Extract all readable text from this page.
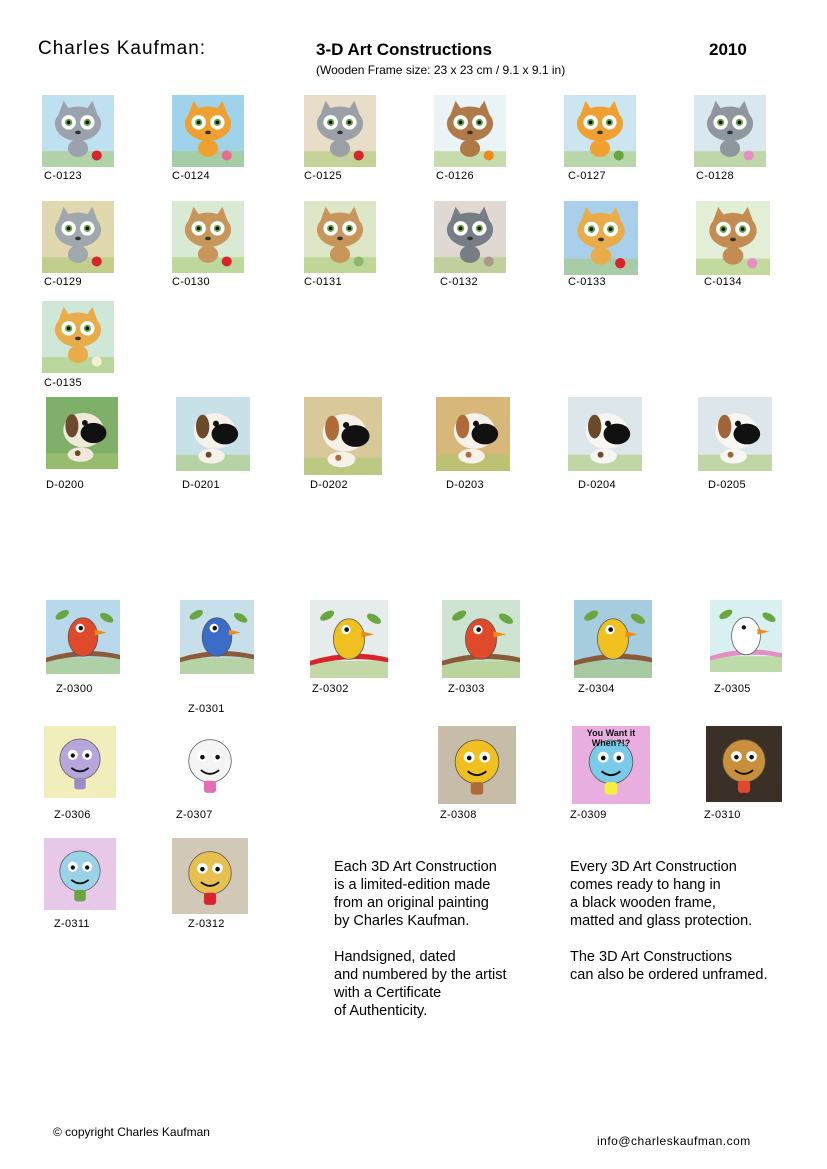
Charles Kaufman:	3-D Art Constructions
(Wooden Frame size: 23 x 23 cm / 9.1 x 9.1 in)
2010
C-0123	C-0124	C-0125	C-0126	C-0127	C-0128
C-0129	C-0130	C-0131	C-0132	C-0133	C-0134
C-0135
D-0200	D-0201	D-0202	D-0203	D-0204	D-0205
Z-0300
Z-0301
Z-0302	Z-0303	Z-0304	Z-0305
Z-0306	Z-0307	Z-0308
You Want it When?!?
Z-0309	Z-0310
Z-0311	Z-0312
Each 3D Art Construction
is a limited-edition made
from an original painting
by Charles Kaufman.
Handsigned, dated
and numbered by the artist
with a Certificate
of Authenticity.
Every 3D Art Construction
comes ready to hang in
a black wooden frame,
matted and glass protection.
The 3D Art Constructions
can also be ordered unframed.
© copyright Charles Kaufman
info@charleskaufman.com
